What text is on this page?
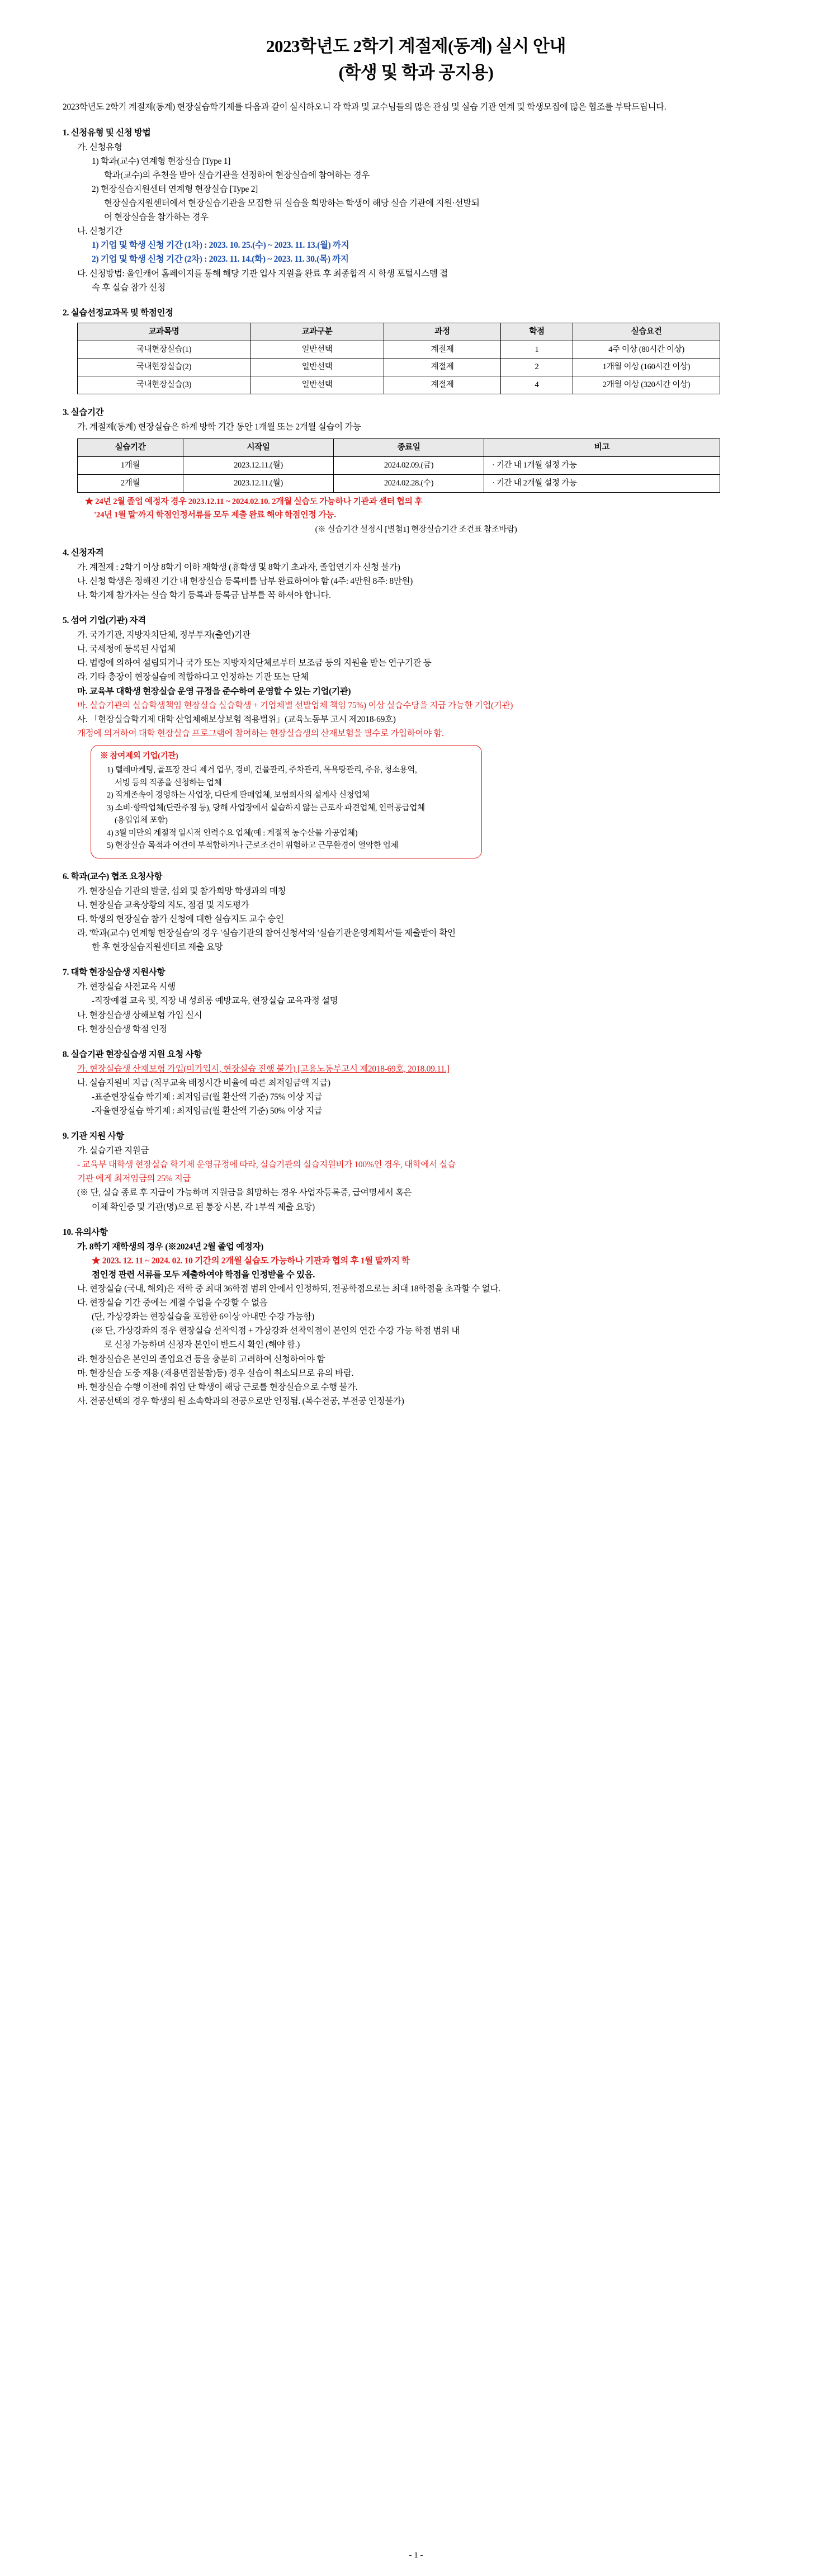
2023학년도 2학기 계절제(동계) 실시 안내
(학생 및 학과 공지용)
2023학년도 2학기 계절제(동계) 현장실습학기제를 다음과 같이 실시하오니 각 학과 및 교수님들의 많은 관심 및 실습 기관 연계 및 학생모집에 많은 협조를 부탁드립니다.
1. 신청유형 및 신청 방법
가. 신청유형
1) 학과(교수) 연계형 현장실습 [Type 1]
학과(교수)의 추천을 받아 실습기관을 선정하여 현장실습에 참여하는 경우
2) 현장실습지원센터 연계형 현장실습 [Type 2]
현장실습지원센터에서 현장실습기관을 모집한 뒤 실습을 희망하는 학생이 해당 실습 기관에 지원·선발되
어 현장실습을 참가하는 경우
나. 신청기간
1) 기업 및 학생 신청 기간 (1차) : 2023. 10. 25.(수) ~ 2023. 11. 13.(월) 까지
2) 기업 및 학생 신청 기간 (2차) : 2023. 11. 14.(화) ~ 2023. 11. 30.(목) 까지
다. 신청방법: 울인캐어 홈페이지를 통해 해당 기관 입사 지원을 완료 후 최종합격 시 학생 포털시스템 접
속 후 실습 참가 신청
2. 실습선정교과목 및 학점인정
교과목명	교과구분	과정	학점	실습요건
국내현장실습(1)	일반선택	계절제	1	4주 이상 (80시간 이상)
국내현장실습(2)	일반선택	계절제	2	1개월 이상 (160시간 이상)
국내현장실습(3)	일반선택	계절제	4	2개월 이상 (320시간 이상)
3. 실습기간
가. 계절제(동계) 현장실습은 하계 방학 기간 동안 1개월 또는 2개월 실습이 가능
실습기간	시작일	종료일	비고
1개월	2023.12.11.(월)	2024.02.09.(금)	· 기간 내 1개월 설정 가능
2개월	2023.12.11.(월)	2024.02.28.(수)	· 기간 내 2개월 설정 가능
★ 24년 2월 졸업 예정자 경우 2023.12.11 ~ 2024.02.10. 2개월 실습도 가능하나 기관과 센터 협의 후
'24년 1월 말'까지 학점인정서류를 모두 제출 완료 해야 학점인정 가능.
(※ 실습기간 설정시 [별첨1] 현장실습기간 조건표 참조바람)
4. 신청자격
가. 계절제 : 2학기 이상 8학기 이하 재학생 (휴학생 및 8학기 초과자, 졸업연기자 신청 불가)
나. 신청 학생은 정해진 기간 내 현장실습 등록비를 납부 완료하여야 함 (4주: 4만원 8주: 8만원)
나. 학기제 참가자는 실습 학기 등록과 등록금 납부를 꼭 하셔야 합니다.
5. 섬여 기업(기관) 자격
가. 국가기관, 지방자치단체, 정부투자(출연)기관
나. 국세청에 등록된 사업체
다. 법령에 의하여 설립되거나 국가 또는 지방자치단체로부터 보조금 등의 지원을 받는 연구기관 등
라. 기타 총장이 현장실습에 적합하다고 인정하는 기관 또는 단체
마. 교육부 대학생 현장실습 운영 규정을 준수하여 운영할 수 있는 기업(기관)
바. 실습기관의 실습학생책임 현장실습 실습학생 + 기업체별 선발업체 책임 75%) 이상 실습수당을 지급 가능한 기업(기관)
사. 「현장실습학기제 대학 산업체해보상보험 적용범위」(교육노동부 고시 제2018-69호)
개정에 의거하여 대학 현장실습 프로그램에 참여하는 현장실습생의 산재보험을 필수로 가입하여야 함.
※ 참여제외 기업(기관)
1) 텔레마케팅, 골프장 잔디 제거 업무, 경비, 건물관리, 주차관리, 목욕탕관리, 주유, 청소용역,
서빙 등의 직종을 신청하는 업체
2) 직계존속이 경영하는 사업장, 다단계 판매업체, 보험회사의 설계사 신청업체
3) 소비·향락업체(단란주점 등), 당해 사업장에서 실습하지 않는 근로자 파견업체, 인력공급업체
(용업업체 포함)
4) 3월 미만의 계절적 일시적 인력수요 업체(예 : 계절적 농수산물 가공업체)
5) 현장실습 목적과 여건이 부적합하거나 근로조건이 위험하고 근무환경이 열악한 업체
6. 학과(교수) 협조 요청사항
가. 현장실습 기관의 발굴, 섭외 및 참가희망 학생과의 매칭
나. 현장실습 교육상황의 지도, 점검 및 지도평가
다. 학생의 현장실습 참가 신청에 대한 실습지도 교수 승인
라. '학과(교수) 연계형 현장실습'의 경우 '실습기관의 참여신청서'와 '실습기관운영계획서'들 제출받아 확인
한 후 현장실습지원센터로 제출 요망
7. 대학 현장실습생 지원사항
가. 현장실습 사전교육 시행
-직장예절 교육 및, 직장 내 성희롱 예방교육, 현장실습 교육과정 설명
나. 현장실습생 상해보험 가입 실시
다. 현장실습생 학점 인정
8. 실습기관 현장실습생 지원 요청 사항
가. 현장실습생 산재보험 가입(미가입시, 현장실습 진행 불가) [고용노동부고시 제2018-69호, 2018.09.11.]
나. 실습지원비 지급 (직무교육 배정시간 비율에 따른 최저임금액 지급)
-표준현장실습 학기제 : 최저임금(월 환산액 기준) 75% 이상 지급
-자율현장실습 학기제 : 최저임금(월 환산액 기준) 50% 이상 지급
9. 기관 지원 사항
가. 실습기관 지원금
- 교육부 대학생 현장실습 학기제 운영규정에 따라, 실습기관의 실습지원비가 100%인 경우, 대학에서 실습
기관 에게 최저임금의 25% 지급
(※ 단, 실습 종료 후 지급이 가능하며 지원금을 희망하는 경우 사업자등록증, 급여명세서 혹은
이체 확인증 및 기관(명)으로 된 통장 사본, 각 1부씩 제출 요망)
10. 유의사항
가. 8학기 재학생의 경우 (※2024년 2월 졸업 예정자)
★ 2023. 12. 11 ~ 2024. 02. 10 기간의 2개월 실습도 가능하나 기관과 협의 후 1월 말까지 학
점인정 관련 서류를 모두 제출하여야 학점을 인정받을 수 있음.
나. 현장실습 (국내, 해외)은 재학 중 최대 36학점 범위 안에서 인정하되, 전공학점으로는 최대 18학점을 초과할 수 없다.
다. 현장실습 기간 중에는 계절 수업을 수강할 수 없음
(단, 가상강좌는 현장실습을 포함한 6이상 아내만 수강 가능함)
(※ 단, 가상강좌의 경우 현장실습 선착익점 + 가상강좌 선착익점이 본인의 연간 수강 가능 학점 범위 내
로 신청 가능하며 신청자 본인이 반드시 확인 (해야 함.)
라. 현장실습은 본인의 졸업요건 등을 충분히 고려하여 신청하여야 함
마. 현장실습 도중 재용 (채용면접불참)등) 경우 실습이 취소되므로 유의 바람.
바. 현장실습 수행 이전에 취업 단 학생이 해당 근로를 현장실습으로 수행 불가.
사. 전공선택의 경우 학생의 원 소속학과의 전공으로만 인정됨. (복수전공, 부전공 인정불가)
- 1 -
